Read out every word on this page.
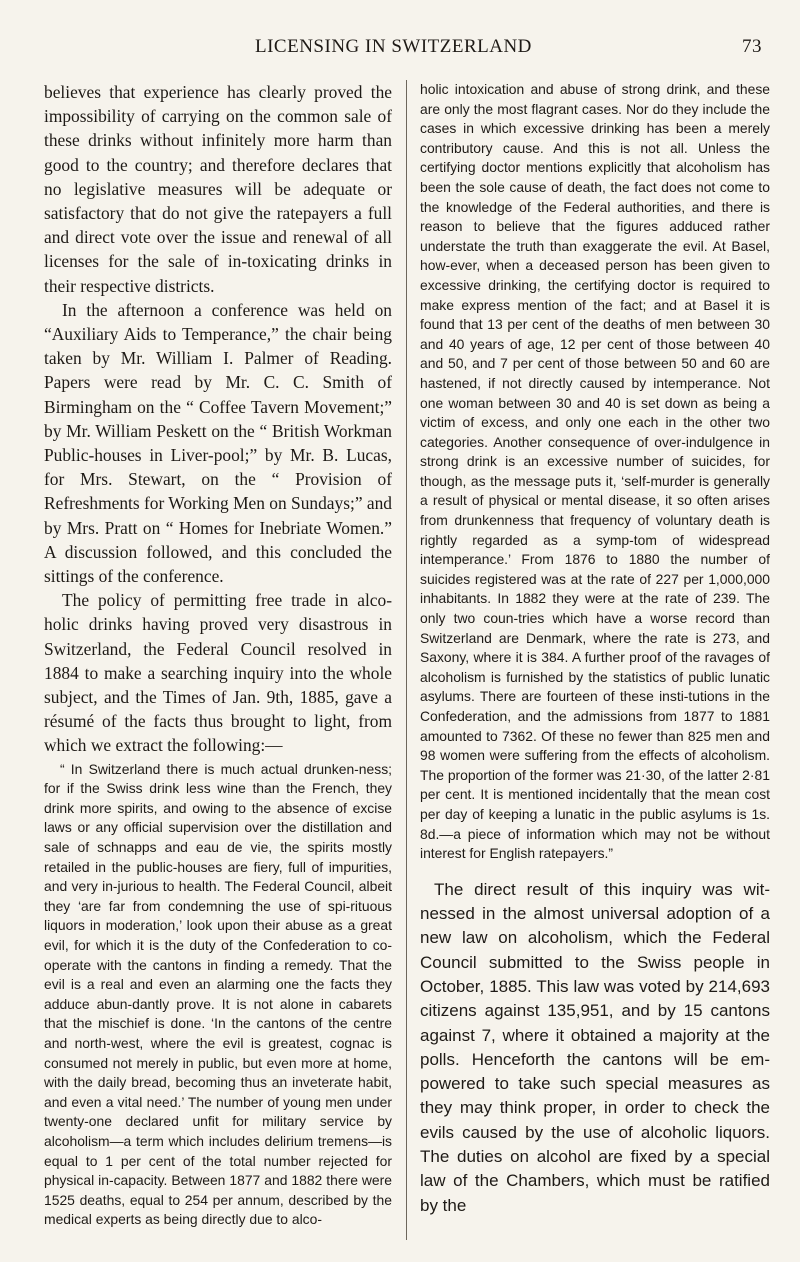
LICENSING IN SWITZERLAND	73

believes that experience has clearly proved the impossibility of carrying on the common sale of these drinks without infinitely more harm than good to the country; and therefore declares that no legislative measures will be adequate or satisfactory that do not give the ratepayers a full and direct vote over the issue and renewal of all licenses for the sale of in-toxicating drinks in their respective districts.

In the afternoon a conference was held on “Auxiliary Aids to Temperance,” the chair being taken by Mr. William I. Palmer of Reading. Papers were read by Mr. C. C. Smith of Birmingham on the “ Coffee Tavern Movement;” by Mr. William Peskett on the “ British Workman Public-houses in Liver-pool;” by Mr. B. Lucas, for Mrs. Stewart, on the “ Provision of Refreshments for Working Men on Sundays;” and by Mrs. Pratt on “ Homes for Inebriate Women.” A discussion followed, and this concluded the sittings of the conference.

The policy of permitting free trade in alco-holic drinks having proved very disastrous in Switzerland, the Federal Council resolved in 1884 to make a searching inquiry into the whole subject, and the Times of Jan. 9th, 1885, gave a résumé of the facts thus brought to light, from which we extract the following:—

“ In Switzerland there is much actual drunken-ness; for if the Swiss drink less wine than the French, they drink more spirits, and owing to the absence of excise laws or any official supervision over the distillation and sale of schnapps and eau de vie, the spirits mostly retailed in the public-houses are fiery, full of impurities, and very in-jurious to health. The Federal Council, albeit they ‘are far from condemning the use of spi-rituous liquors in moderation,’ look upon their abuse as a great evil, for which it is the duty of the Confederation to co-operate with the cantons in finding a remedy. That the evil is a real and even an alarming one the facts they adduce abun-dantly prove. It is not alone in cabarets that the mischief is done. ‘In the cantons of the centre and north-west, where the evil is greatest, cognac is consumed not merely in public, but even more at home, with the daily bread, becoming thus an inveterate habit, and even a vital need.’ The number of young men under twenty-one declared unfit for military service by alcoholism—a term which includes delirium tremens—is equal to 1 per cent of the total number rejected for physical in-capacity. Between 1877 and 1882 there were 1525 deaths, equal to 254 per annum, described by the medical experts as being directly due to alco-

holic intoxication and abuse of strong drink, and these are only the most flagrant cases. Nor do they include the cases in which excessive drinking has been a merely contributory cause. And this is not all. Unless the certifying doctor mentions explicitly that alcoholism has been the sole cause of death, the fact does not come to the knowledge of the Federal authorities, and there is reason to believe that the figures adduced rather understate the truth than exaggerate the evil. At Basel, how-ever, when a deceased person has been given to excessive drinking, the certifying doctor is required to make express mention of the fact; and at Basel it is found that 13 per cent of the deaths of men between 30 and 40 years of age, 12 per cent of those between 40 and 50, and 7 per cent of those between 50 and 60 are hastened, if not directly caused by intemperance. Not one woman between 30 and 40 is set down as being a victim of excess, and only one each in the other two categories. Another consequence of over-indulgence in strong drink is an excessive number of suicides, for though, as the message puts it, ‘self-murder is generally a result of physical or mental disease, it so often arises from drunkenness that frequency of voluntary death is rightly regarded as a symp-tom of widespread intemperance.’ From 1876 to 1880 the number of suicides registered was at the rate of 227 per 1,000,000 inhabitants. In 1882 they were at the rate of 239. The only two coun-tries which have a worse record than Switzerland are Denmark, where the rate is 273, and Saxony, where it is 384. A further proof of the ravages of alcoholism is furnished by the statistics of public lunatic asylums. There are fourteen of these insti-tutions in the Confederation, and the admissions from 1877 to 1881 amounted to 7362. Of these no fewer than 825 men and 98 women were suffering from the effects of alcoholism. The proportion of the former was 21·30, of the latter 2·81 per cent. It is mentioned incidentally that the mean cost per day of keeping a lunatic in the public asylums is 1s. 8d.—a piece of information which may not be without interest for English ratepayers.”

The direct result of this inquiry was wit-nessed in the almost universal adoption of a new law on alcoholism, which the Federal Council submitted to the Swiss people in October, 1885. This law was voted by 214,693 citizens against 135,951, and by 15 cantons against 7, where it obtained a majority at the polls. Henceforth the cantons will be em-powered to take such special measures as they may think proper, in order to check the evils caused by the use of alcoholic liquors. The duties on alcohol are fixed by a special law of the Chambers, which must be ratified by the
